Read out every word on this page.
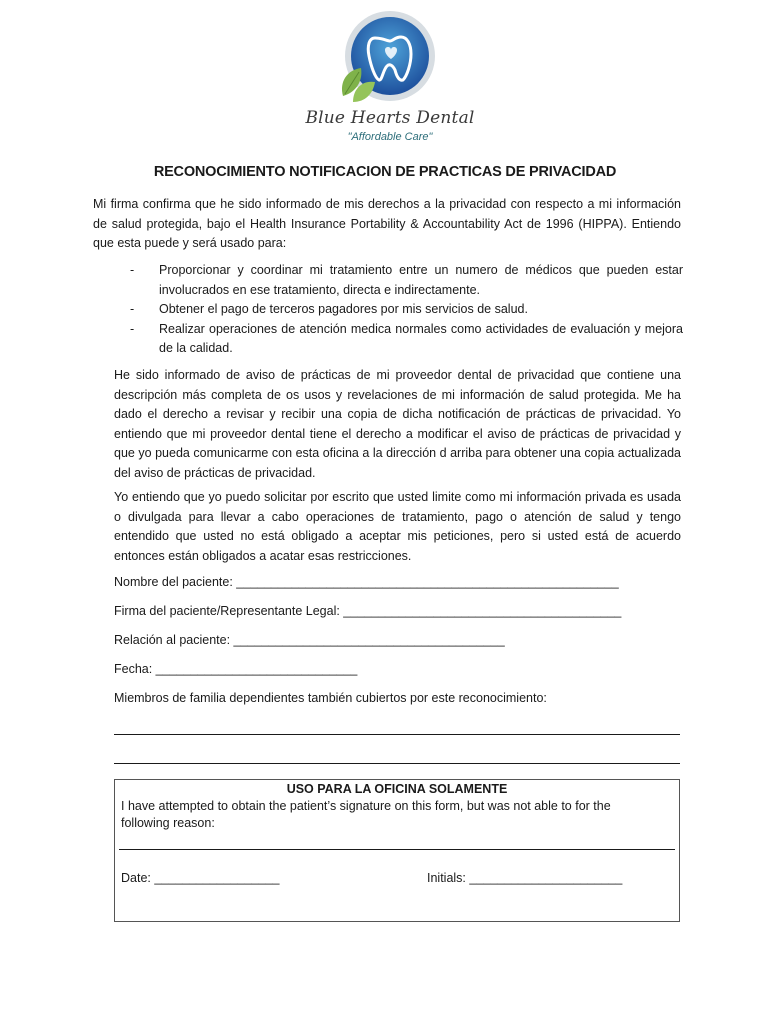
Blue Hearts Dental
"Affordable Care"
RECONOCIMIENTO NOTIFICACION DE PRACTICAS DE PRIVACIDAD
Mi firma confirma que he sido informado de mis derechos a la privacidad con respecto a mi información de salud protegida, bajo el Health Insurance Portability & Accountability Act de 1996 (HIPPA). Entiendo que esta puede y será usado para:
- Proporcionar y coordinar mi tratamiento entre un numero de médicos que pueden estar involucrados en ese tratamiento, directa e indirectamente.
- Obtener el pago de terceros pagadores por mis servicios de salud.
- Realizar operaciones de atención medica normales como actividades de evaluación y mejora de la calidad.
He sido informado de aviso de prácticas de mi proveedor dental de privacidad que contiene una descripción más completa de os usos y revelaciones de mi información de salud protegida. Me ha dado el derecho a revisar y recibir una copia de dicha notificación de prácticas de privacidad. Yo entiendo que mi proveedor dental tiene el derecho a modificar el aviso de prácticas de privacidad y que yo pueda comunicarme con esta oficina a la dirección d arriba para obtener una copia actualizada del aviso de prácticas de privacidad.
Yo entiendo que yo puedo solicitar por escrito que usted limite como mi información privada es usada o divulgada para llevar a cabo operaciones de tratamiento, pago o atención de salud y tengo entendido que usted no está obligado a aceptar mis peticiones, pero si usted está de acuerdo entonces están obligados a acatar esas restricciones.
Nombre del paciente: _______________________________________________________
Firma del paciente/Representante Legal: ________________________________________
Relación al paciente: _______________________________________
Fecha: _____________________________
Miembros de familia dependientes también cubiertos por este reconocimiento:
USO PARA LA OFICINA SOLAMENTE
I have attempted to obtain the patient’s signature on this form, but was not able to for the following reason:
Date: __________________	Initials: ______________________
